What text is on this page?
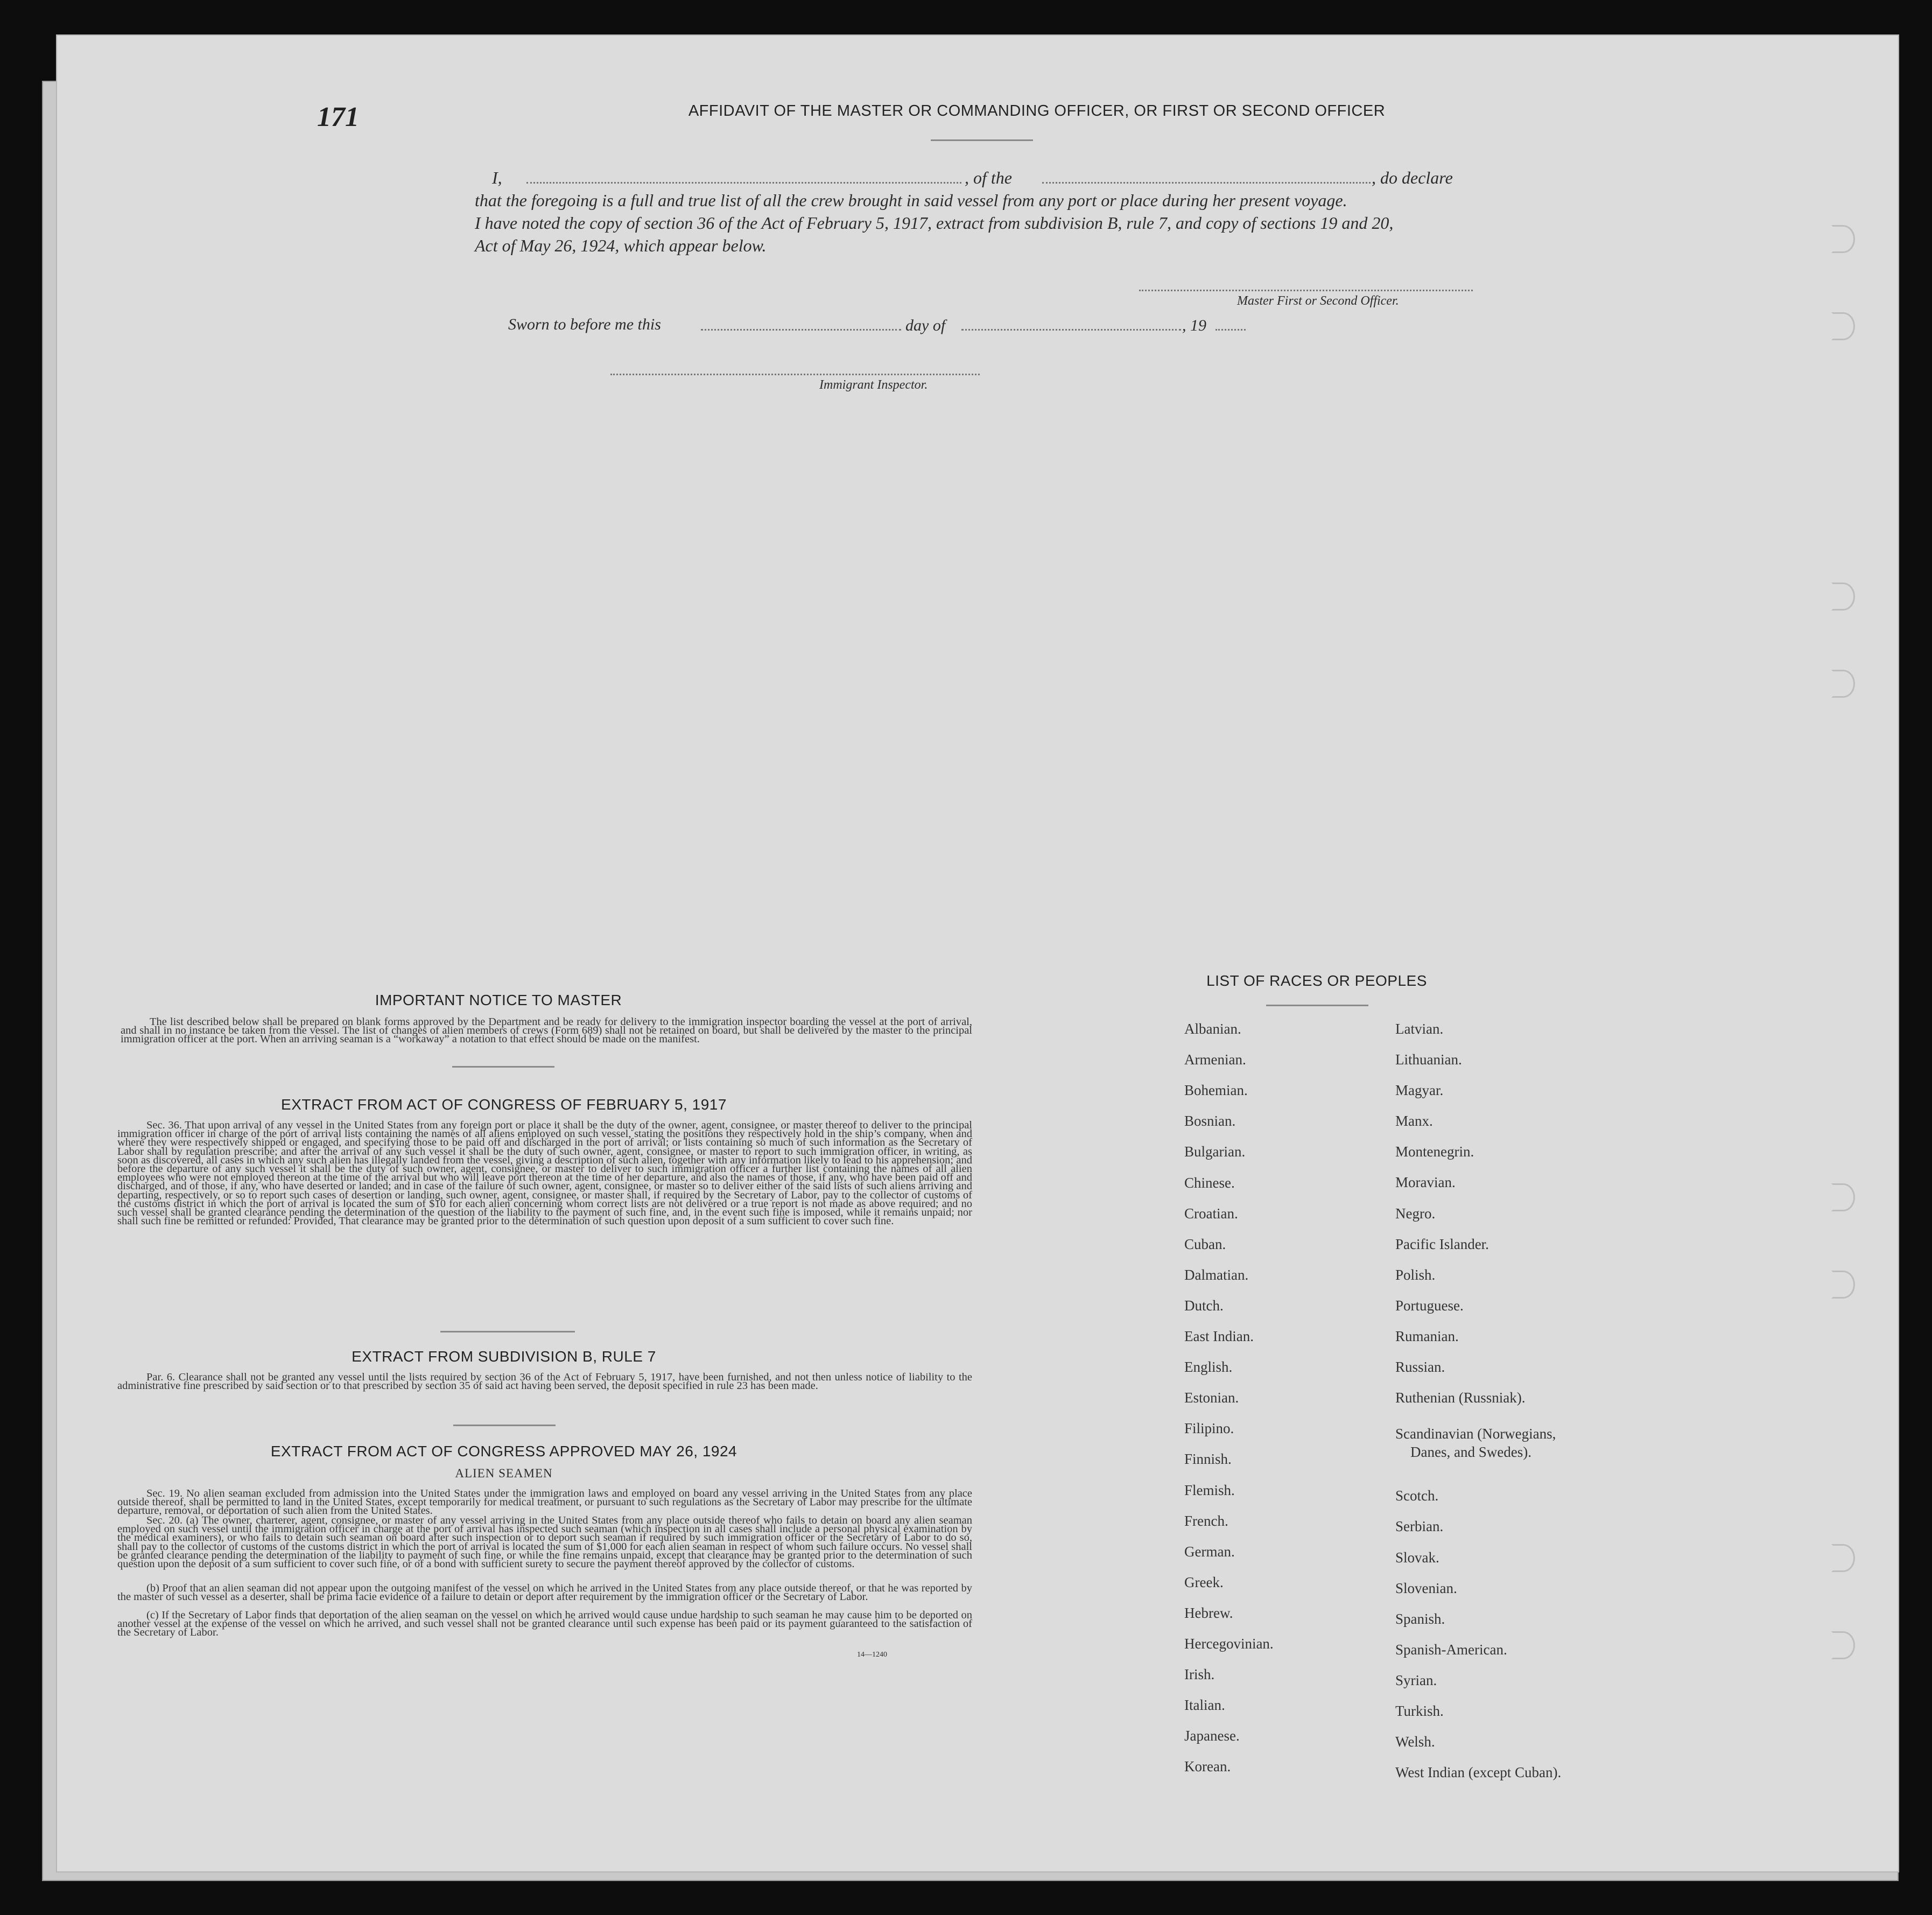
171	AFFIDAVIT OF THE MASTER OR COMMANDING OFFICER, OR FIRST OR SECOND OFFICER
I,	, of the	, do declare
that the foregoing is a full and true list of all the crew brought in said vessel from any port or place during her present voyage.
I have noted the copy of section 36 of the Act of February 5, 1917, extract from subdivision B, rule 7, and copy of sections 19 and 20,
Act of May 26, 1924, which appear below.
Master First or Second Officer.
Sworn to before me this	day of	, 19
Immigrant Inspector.
IMPORTANT NOTICE TO MASTER
The list described below shall be prepared on blank forms approved by the Department and be ready for delivery to the immigration inspector boarding the vessel at the port of arrival, and shall in no instance be taken from the vessel. The list of changes of alien members of crews (Form 689) shall not be retained on board, but shall be delivered by the master to the principal immigration officer at the port. When an arriving seaman is a “workaway” a notation to that effect should be made on the manifest.
EXTRACT FROM ACT OF CONGRESS OF FEBRUARY 5, 1917
Sec. 36. That upon arrival of any vessel in the United States from any foreign port or place it shall be the duty of the owner, agent, consignee, or master thereof to deliver to the principal immigration officer in charge of the port of arrival lists containing the names of all aliens employed on such vessel, stating the positions they respectively hold in the ship’s company, when and where they were respectively shipped or engaged, and specifying those to be paid off and discharged in the port of arrival; or lists containing so much of such information as the Secretary of Labor shall by regulation prescribe; and after the arrival of any such vessel it shall be the duty of such owner, agent, consignee, or master to report to such immigration officer, in writing, as soon as discovered, all cases in which any such alien has illegally landed from the vessel, giving a description of such alien, together with any information likely to lead to his apprehension; and before the departure of any such vessel it shall be the duty of such owner, agent, consignee, or master to deliver to such immigration officer a further list containing the names of all alien employees who were not employed thereon at the time of the arrival but who will leave port thereon at the time of her departure, and also the names of those, if any, who have been paid off and discharged, and of those, if any, who have deserted or landed; and in case of the failure of such owner, agent, consignee, or master so to deliver either of the said lists of such aliens arriving and departing, respectively, or so to report such cases of desertion or landing, such owner, agent, consignee, or master shall, if required by the Secretary of Labor, pay to the collector of customs of the customs district in which the port of arrival is located the sum of $10 for each alien concerning whom correct lists are not delivered or a true report is not made as above required; and no such vessel shall be granted clearance pending the determination of the question of the liability to the payment of such fine, and, in the event such fine is imposed, while it remains unpaid; nor shall such fine be remitted or refunded: Provided, That clearance may be granted prior to the determination of such question upon deposit of a sum sufficient to cover such fine.
EXTRACT FROM SUBDIVISION B, RULE 7
Par. 6. Clearance shall not be granted any vessel until the lists required by section 36 of the Act of February 5, 1917, have been furnished, and not then unless notice of liability to the administrative fine prescribed by said section or to that prescribed by section 35 of said act having been served, the deposit specified in rule 23 has been made.
EXTRACT FROM ACT OF CONGRESS APPROVED MAY 26, 1924
ALIEN SEAMEN
Sec. 19. No alien seaman excluded from admission into the United States under the immigration laws and employed on board any vessel arriving in the United States from any place outside thereof, shall be permitted to land in the United States, except temporarily for medical treatment, or pursuant to such regulations as the Secretary of Labor may prescribe for the ultimate departure, removal, or deportation of such alien from the United States.
Sec. 20. (a) The owner, charterer, agent, consignee, or master of any vessel arriving in the United States from any place outside thereof who fails to detain on board any alien seaman employed on such vessel until the immigration officer in charge at the port of arrival has inspected such seaman (which inspection in all cases shall include a personal physical examination by the medical examiners), or who fails to detain such seaman on board after such inspection or to deport such seaman if required by such immigration officer or the Secretary of Labor to do so, shall pay to the collector of customs of the customs district in which the port of arrival is located the sum of $1,000 for each alien seaman in respect of whom such failure occurs. No vessel shall be granted clearance pending the determination of the liability to payment of such fine, or while the fine remains unpaid, except that clearance may be granted prior to the determination of such question upon the deposit of a sum sufficient to cover such fine, or of a bond with sufficient surety to secure the payment thereof approved by the collector of customs.
(b) Proof that an alien seaman did not appear upon the outgoing manifest of the vessel on which he arrived in the United States from any place outside thereof, or that he was reported by the master of such vessel as a deserter, shall be prima facie evidence of a failure to detain or deport after requirement by the immigration officer or the Secretary of Labor.
(c) If the Secretary of Labor finds that deportation of the alien seaman on the vessel on which he arrived would cause undue hardship to such seaman he may cause him to be deported on another vessel at the expense of the vessel on which he arrived, and such vessel shall not be granted clearance until such expense has been paid or its payment guaranteed to the satisfaction of the Secretary of Labor.
14—1240
LIST OF RACES OR PEOPLES
Albanian.
Armenian.
Bohemian.
Bosnian.
Bulgarian.
Chinese.
Croatian.
Cuban.
Dalmatian.
Dutch.
East Indian.
English.
Estonian.
Filipino.
Finnish.
Flemish.
French.
German.
Greek.
Hebrew.
Hercegovinian.
Irish.
Italian.
Japanese.
Korean.
Latvian.
Lithuanian.
Magyar.
Manx.
Montenegrin.
Moravian.
Negro.
Pacific Islander.
Polish.
Portuguese.
Rumanian.
Russian.
Ruthenian (Russniak).
Scandinavian (Norwegians,
Danes, and Swedes).
Scotch.
Serbian.
Slovak.
Slovenian.
Spanish.
Spanish-American.
Syrian.
Turkish.
Welsh.
West Indian (except Cuban).
